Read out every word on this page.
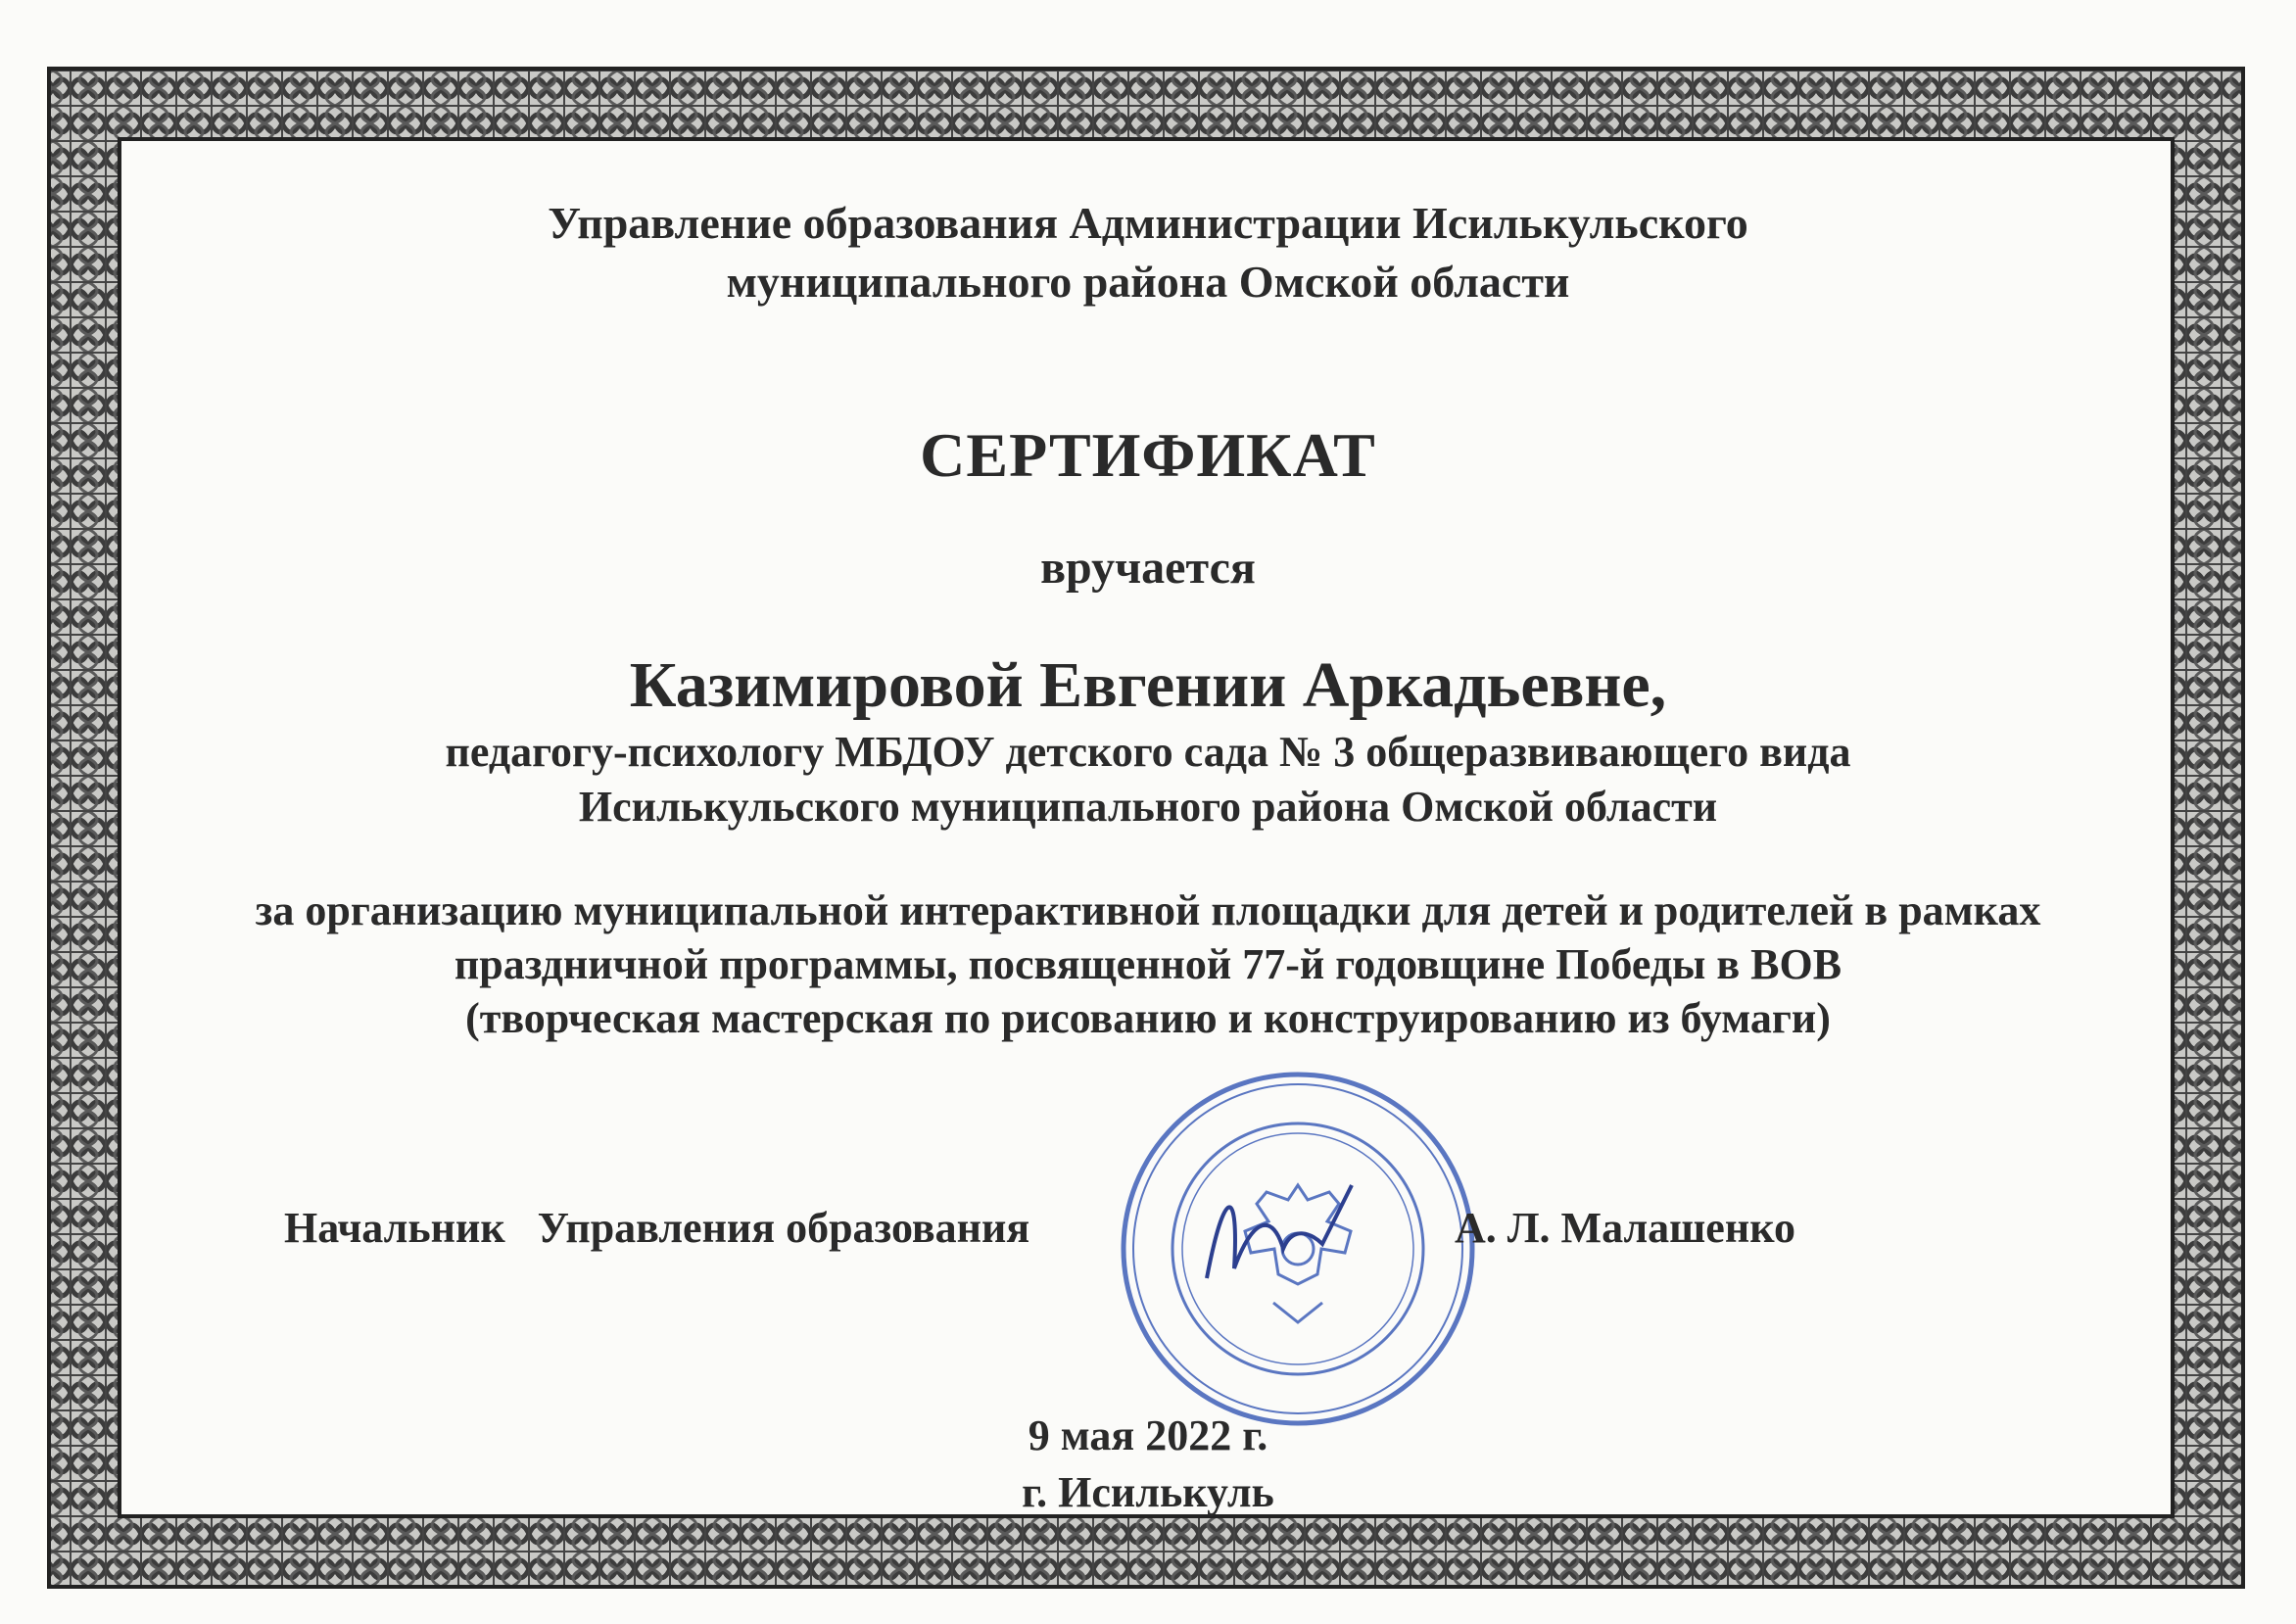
Управление образования Администрации Исилькульского
муниципального района Омской области
СЕРТИФИКАТ
вручается
Казимировой Евгении Аркадьевне,
педагогу-психологу МБДОУ детского сада № 3 общеразвивающего вида
Исилькульского муниципального района Омской области
за организацию муниципальной интерактивной площадки для детей и родителей в рамках
праздничной программы, посвященной 77-й годовщине Победы в ВОВ
(творческая мастерская по рисованию и конструированию из бумаги)
Начальник   Управления образования	А. Л. Малашенко
9 мая 2022 г.
г. Исилькуль
